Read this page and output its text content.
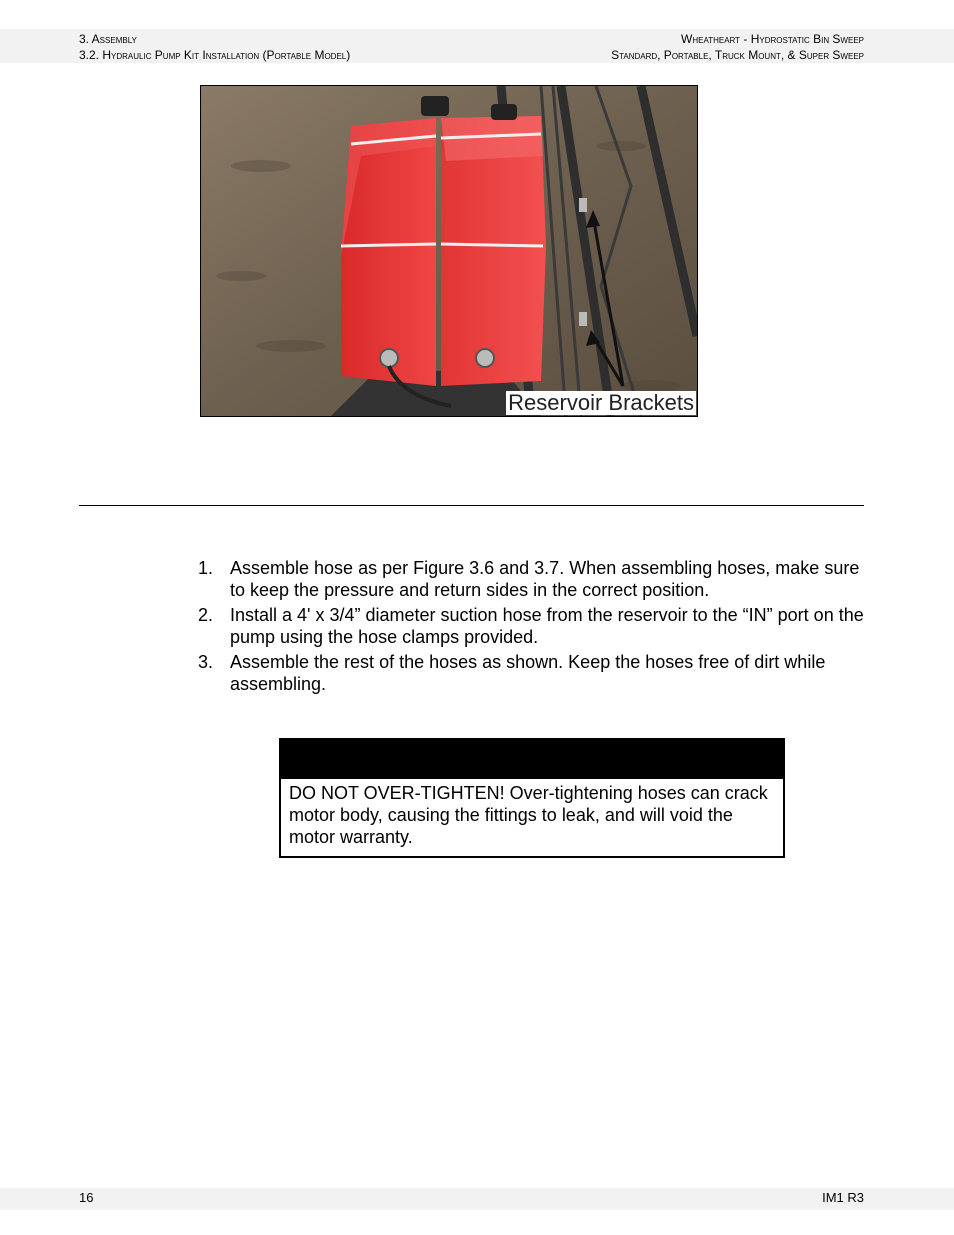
3. Assembly
3.2. Hydraulic Pump Kit Installation (Portable Model)
Wheatheart - Hydrostatic Bin Sweep
Standard, Portable, Truck Mount, & Super Sweep
Reservoir Brackets
1. Assemble hose as per Figure 3.6 and 3.7. When assembling hoses, make sure to keep the pressure and return sides in the correct position.
2. Install a 4' x 3/4” diameter suction hose from the reservoir to the “IN” port on the pump using the hose clamps provided.
3. Assemble the rest of the hoses as shown. Keep the hoses free of dirt while assembling.
DO NOT OVER-TIGHTEN! Over-tightening hoses can crack motor body, causing the fittings to leak, and will void the motor warranty.
16	IM1 R3
